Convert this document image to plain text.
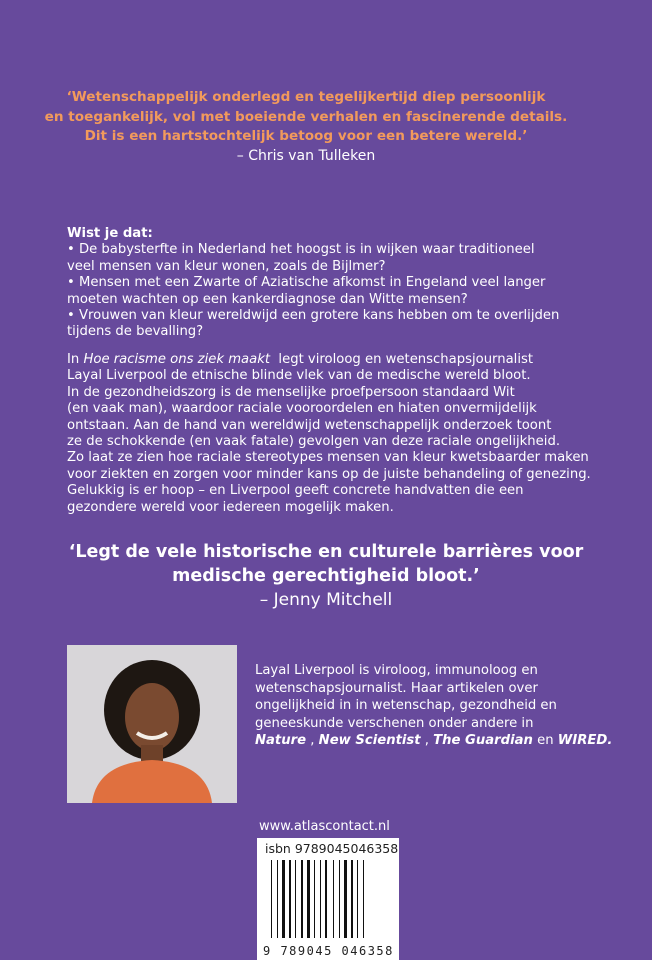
‘Wetenschappelijk onderlegd en tegelijkertijd diep persoonlijk
en toegankelijk, vol met boeiende verhalen en fascinerende details.
Dit is een hartstochtelijk betoog voor een betere wereld.’
– Chris van Tulleken
Wist je dat:
• De babysterfte in Nederland het hoogst is in wijken waar traditioneel
veel mensen van kleur wonen, zoals de Bijlmer?
• Mensen met een Zwarte of Aziatische afkomst in Engeland veel langer
moeten wachten op een kankerdiagnose dan Witte mensen?
• Vrouwen van kleur wereldwijd een grotere kans hebben om te overlijden
tijdens de bevalling?
In Hoe racisme ons ziek maakt  legt viroloog en wetenschapsjournalist
Layal Liverpool de etnische blinde vlek van de medische wereld bloot.
In de gezondheidszorg is de menselijke proefpersoon standaard Wit
(en vaak man), waardoor raciale vooroordelen en hiaten onvermijdelijk
ontstaan. Aan de hand van wereldwijd wetenschappelijk onderzoek toont
ze de schokkende (en vaak fatale) gevolgen van deze raciale ongelijkheid.
Zo laat ze zien hoe raciale stereotypes mensen van kleur kwetsbaarder maken
voor ziekten en zorgen voor minder kans op de juiste behandeling of genezing.
Gelukkig is er hoop – en Liverpool geeft concrete handvatten die een
gezondere wereld voor iedereen mogelijk maken.
‘Legt de vele historische en culturele barrières voor
medische gerechtigheid bloot.’
– Jenny Mitchell
Layal Liverpool is viroloog, immunoloog en
wetenschapsjournalist. Haar artikelen over
ongelijkheid in in wetenschap, gezondheid en
geneeskunde verschenen onder andere in
Nature , New Scientist , The Guardian en WIRED.
www.atlascontact.nl
isbn 9789045046358
9 789045 046358
